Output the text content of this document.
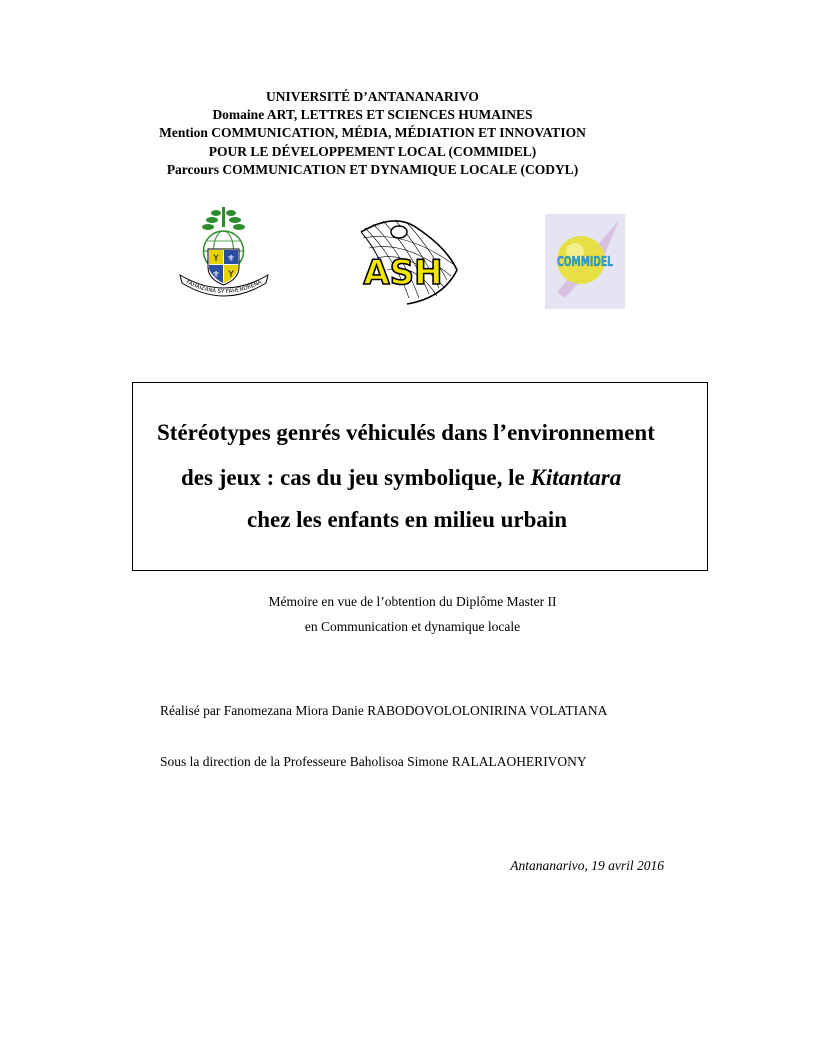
UNIVERSITÉ D’ANTANANARIVO
Domaine ART, LETTRES ET SCIENCES HUMAINES
Mention COMMUNICATION, MÉDIA, MÉDIATION ET INNOVATION
POUR LE DÉVELOPPEMENT LOCAL (COMMIDEL)
Parcours COMMUNICATION ET DYNAMIQUE LOCALE (CODYL)
Y ⚜
⚜ Y
FAHAIZANA SY FAHENDRENA	ASH	COMMIDEL
Stéréotypes genrés véhiculés dans l’environnement
des jeux : cas du jeu symbolique, le Kitantara
chez les enfants en milieu urbain
Mémoire en vue de l’obtention du Diplôme Master II
en Communication et dynamique locale
Réalisé par Fanomezana Miora Danie RABODOVOLOLONIRINA VOLATIANA
Sous la direction de la Professeure Baholisoa Simone RALALAOHERIVONY
Antananarivo, 19 avril 2016
